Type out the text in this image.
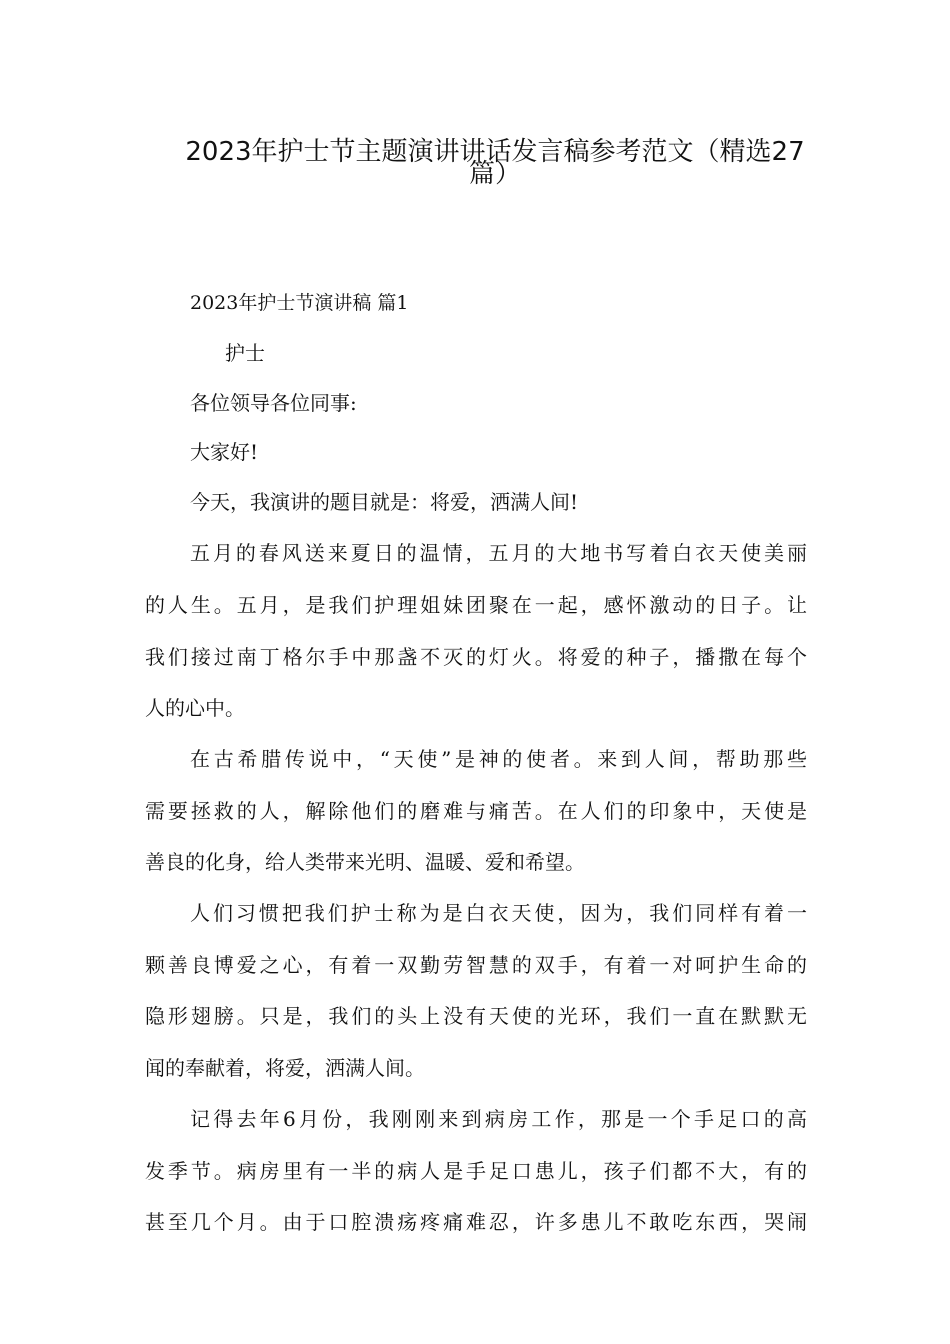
2023年护士节主题演讲讲话发言稿参考范文（精选27
篇）
2023年护士节演讲稿 篇1
护士
各位领导各位同事:
大家好!
今天，我演讲的题目就是：将爱，洒满人间!
五月的春风送来夏日的温情，五月的大地书写着白衣天使美丽
的人生。五月，是我们护理姐妹团聚在一起，感怀激动的日子。让
我们接过南丁格尔手中那盏不灭的灯火。将爱的种子，播撒在每个
人的心中。
在古希腊传说中，“天使”是神的使者。来到人间，帮助那些
需要拯救的人，解除他们的磨难与痛苦。在人们的印象中，天使是
善良的化身，给人类带来光明、温暖、爱和希望。
人们习惯把我们护士称为是白衣天使，因为，我们同样有着一
颗善良博爱之心，有着一双勤劳智慧的双手，有着一对呵护生命的
隐形翅膀。只是，我们的头上没有天使的光环，我们一直在默默无
闻的奉献着，将爱，洒满人间。
记得去年6月份，我刚刚来到病房工作，那是一个手足口的高
发季节。病房里有一半的病人是手足口患儿，孩子们都不大，有的
甚至几个月。由于口腔溃疡疼痛难忍，许多患儿不敢吃东西，哭闹
